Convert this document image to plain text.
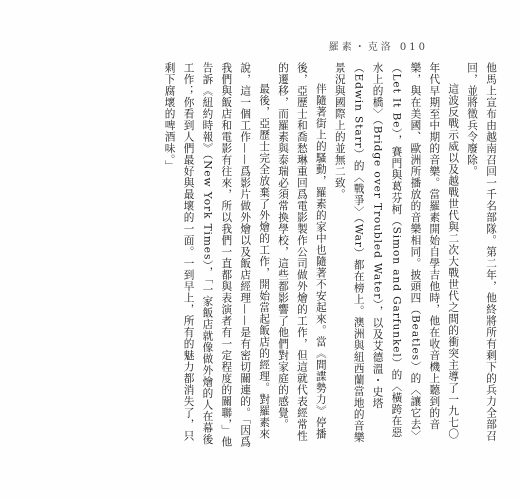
羅素・克洛 010

他馬上宣布由越南召回一千名部隊。第二年，他終將所有剩下的兵力全部召回，並將徵兵令廢除。

這波反戰示威以及越戰世代與二次大戰世代之間的衝突主導了一九七〇年代早期至中期的音樂。當羅素開始自學吉他時，他在收音機上聽到的音樂，與在美國、歐洲所播放的音樂相同。披頭四（Beatles）的〈讓它去〉（Let It Be），賽門與葛芬柯（Simon and Garfunkel）的〈橫跨在惡水上的橋〉（Bridge over Troubled Water），以及艾德溫・史塔（Edwin Starr）的〈戰爭〉（War）都在榜上。澳洲與紐西蘭當地的音樂景況與國際上的並無二致。

伴隨著街上的騷動，羅素的家中也隨著不安起來。當《間諜勢力》停播後，亞歷士和喬愁琳重回爲電影製作公司做外燴的工作，但這就代表經常性的遷移，而羅素與泰瑞必須常換學校，這些都影響了他們對家庭的感覺。

最後，亞歷士完全放棄了外燴的工作，開始當起飯店的經理。對羅素來說，這一個工作——爲影片做外燴以及飯店經理——是有密切關連的。「因爲我們與飯店和電影有往來，所以我們一直都與表演者有一定程度的關聯，」他告訴《紐約時報》（New York Times），「一家飯店就像做外燴的人在幕後工作；你看到人們最好與最壞的一面。一到早上，所有的魅力都消失了，只剩下腐壞的啤酒味。」
